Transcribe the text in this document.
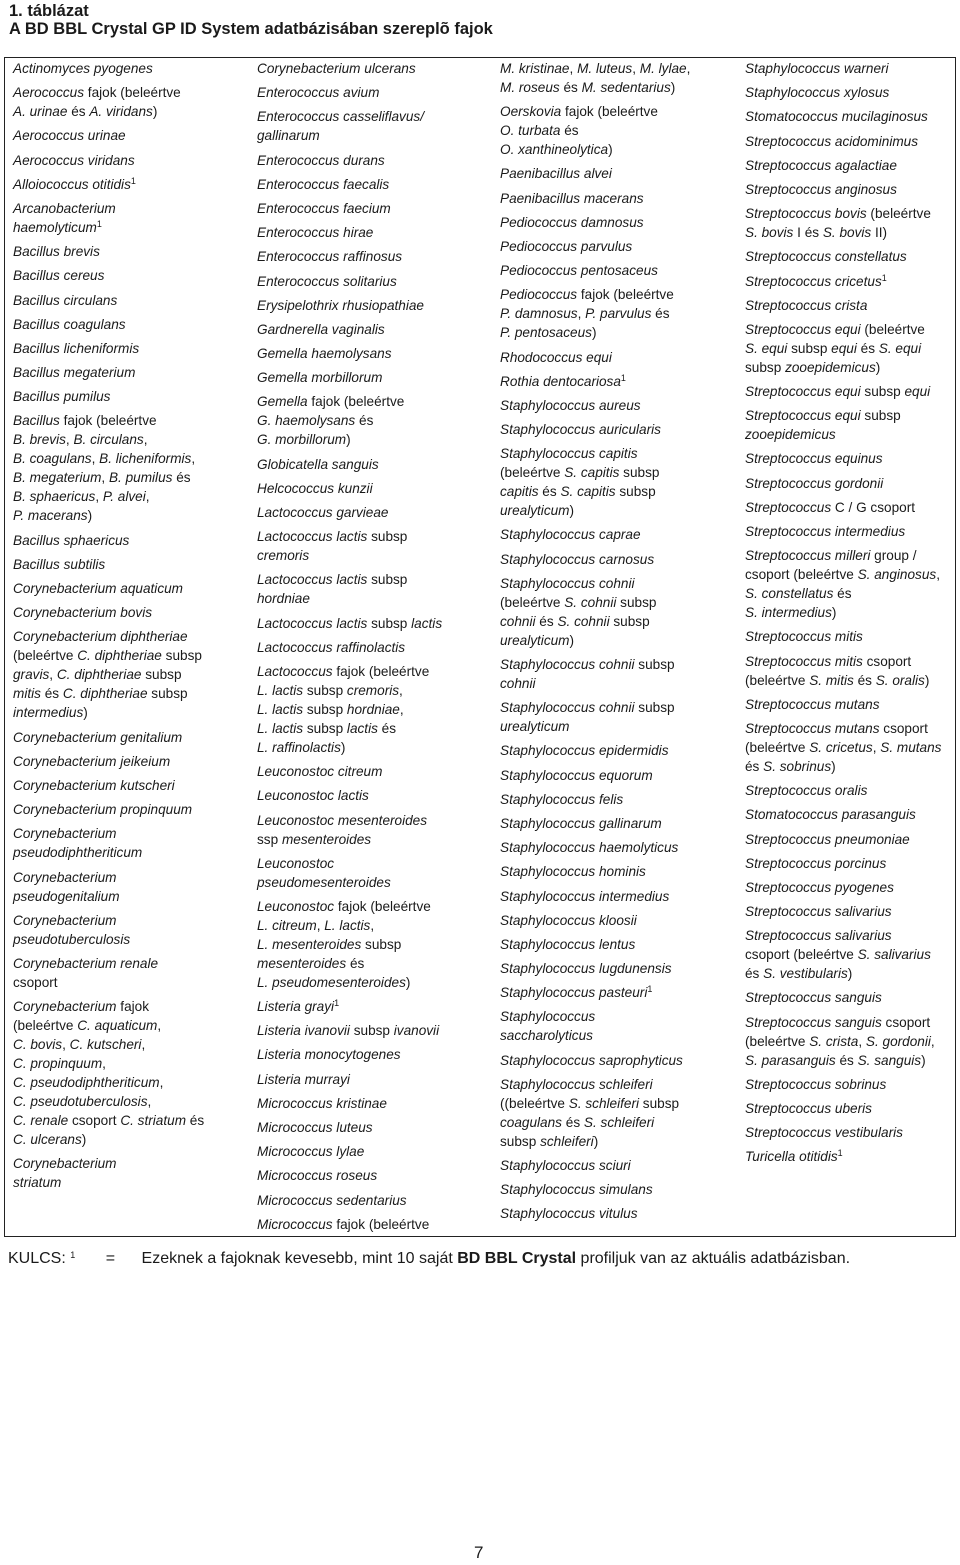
1. táblázat
A BD BBL Crystal GP ID System adatbázisában szereplõ fajok
Actinomyces pyogenes
Aerococcus fajok (beleértve
A. urinae és A. viridans)
Aerococcus urinae
Aerococcus viridans
Alloiococcus otitidis$^1$
Arcanobacterium
haemolyticum$^1$
Bacillus brevis
Bacillus cereus
Bacillus circulans
Bacillus coagulans
Bacillus licheniformis
Bacillus megaterium
Bacillus pumilus
Bacillus fajok (beleértve
B. brevis, B. circulans,
B. coagulans, B. licheniformis,
B. megaterium, B. pumilus és
B. sphaericus, P. alvei,
P. macerans)
Bacillus sphaericus
Bacillus subtilis
Corynebacterium aquaticum
Corynebacterium bovis
Corynebacterium diphtheriae
(beleértve C. diphtheriae subsp
gravis, C. diphtheriae subsp
mitis és C. diphtheriae subsp
intermedius)
Corynebacterium genitalium
Corynebacterium jeikeium
Corynebacterium kutscheri
Corynebacterium propinquum
Corynebacterium
pseudodiphtheriticum
Corynebacterium
pseudogenitalium
Corynebacterium
pseudotuberculosis
Corynebacterium renale
csoport
Corynebacterium fajok
(beleértve C. aquaticum,
C. bovis, C. kutscheri,
C. propinquum,
C. pseudodiphtheriticum,
C. pseudotuberculosis,
C. renale csoport C. striatum és
C. ulcerans)
Corynebacterium
striatum
Corynebacterium ulcerans
Enterococcus avium
Enterococcus casseliflavus/
gallinarum
Enterococcus durans
Enterococcus faecalis
Enterococcus faecium
Enterococcus hirae
Enterococcus raffinosus
Enterococcus solitarius
Erysipelothrix rhusiopathiae
Gardnerella vaginalis
Gemella haemolysans
Gemella morbillorum
Gemella fajok (beleértve
G. haemolysans és
G. morbillorum)
Globicatella sanguis
Helcococcus kunzii
Lactococcus garvieae
Lactococcus lactis subsp
cremoris
Lactococcus lactis subsp
hordniae
Lactococcus lactis subsp lactis
Lactococcus raffinolactis
Lactococcus fajok (beleértve
L. lactis subsp cremoris,
L. lactis subsp hordniae,
L. lactis subsp lactis és
L. raffinolactis)
Leuconostoc citreum
Leuconostoc lactis
Leuconostoc mesenteroides
ssp mesenteroides
Leuconostoc
pseudomesenteroides
Leuconostoc fajok (beleértve
L. citreum, L. lactis,
L. mesenteroides subsp
mesenteroides és
L. pseudomesenteroides)
Listeria grayi$^1$
Listeria ivanovii subsp ivanovii
Listeria monocytogenes
Listeria murrayi
Micrococcus kristinae
Micrococcus luteus
Micrococcus lylae
Micrococcus roseus
Micrococcus sedentarius
Micrococcus fajok (beleértve
M. kristinae, M. luteus, M. lylae,
M. roseus és M. sedentarius)
Oerskovia fajok (beleértve
O. turbata és
O. xanthineolytica)
Paenibacillus alvei
Paenibacillus macerans
Pediococcus damnosus
Pediococcus parvulus
Pediococcus pentosaceus
Pediococcus fajok (beleértve
P. damnosus, P. parvulus és
P. pentosaceus)
Rhodococcus equi
Rothia dentocariosa$^1$
Staphylococcus aureus
Staphylococcus auricularis
Staphylococcus capitis
(beleértve S. capitis subsp
capitis és S. capitis subsp
urealyticum)
Staphylococcus caprae
Staphylococcus carnosus
Staphylococcus cohnii
(beleértve S. cohnii subsp
cohnii és S. cohnii subsp
urealyticum)
Staphylococcus cohnii subsp
cohnii
Staphylococcus cohnii subsp
urealyticum
Staphylococcus epidermidis
Staphylococcus equorum
Staphylococcus felis
Staphylococcus gallinarum
Staphylococcus haemolyticus
Staphylococcus hominis
Staphylococcus intermedius
Staphylococcus kloosii
Staphylococcus lentus
Staphylococcus lugdunensis
Staphylococcus pasteuri$^1$
Staphylococcus
saccharolyticus
Staphylococcus saprophyticus
Staphylococcus schleiferi
((beleértve S. schleiferi subsp
coagulans és S. schleiferi
subsp schleiferi)
Staphylococcus sciuri
Staphylococcus simulans
Staphylococcus vitulus
Staphylococcus warneri
Staphylococcus xylosus
Stomatococcus mucilaginosus
Streptococcus acidominimus
Streptococcus agalactiae
Streptococcus anginosus
Streptococcus bovis (beleértve
S. bovis I és S. bovis II)
Streptococcus constellatus
Streptococcus cricetus$^1$
Streptococcus crista
Streptococcus equi (beleértve
S. equi subsp equi és S. equi
subsp zooepidemicus)
Streptococcus equi subsp equi
Streptococcus equi subsp
zooepidemicus
Streptococcus equinus
Streptococcus gordonii
Streptococcus C / G csoport
Streptococcus intermedius
Streptococcus milleri group /
csoport (beleértve S. anginosus,
S. constellatus és
S. intermedius)
Streptococcus mitis
Streptococcus mitis csoport
(beleértve S. mitis és S. oralis)
Streptococcus mutans
Streptococcus mutans csoport
(beleértve S. cricetus, S. mutans
és S. sobrinus)
Streptococcus oralis
Stomatococcus parasanguis
Streptococcus pneumoniae
Streptococcus porcinus
Streptococcus pyogenes
Streptococcus salivarius
Streptococcus salivarius
csoport (beleértve S. salivarius
és S. vestibularis)
Streptococcus sanguis
Streptococcus sanguis csoport
(beleértve S. crista, S. gordonii,
S. parasanguis és S. sanguis)
Streptococcus sobrinus
Streptococcus uberis
Streptococcus vestibularis
Turicella otitidis$^1$
KULCS: $^1$ = Ezeknek a fajoknak kevesebb, mint 10 saját BD BBL Crystal profiljuk van az aktuális adatbázisban.
7
